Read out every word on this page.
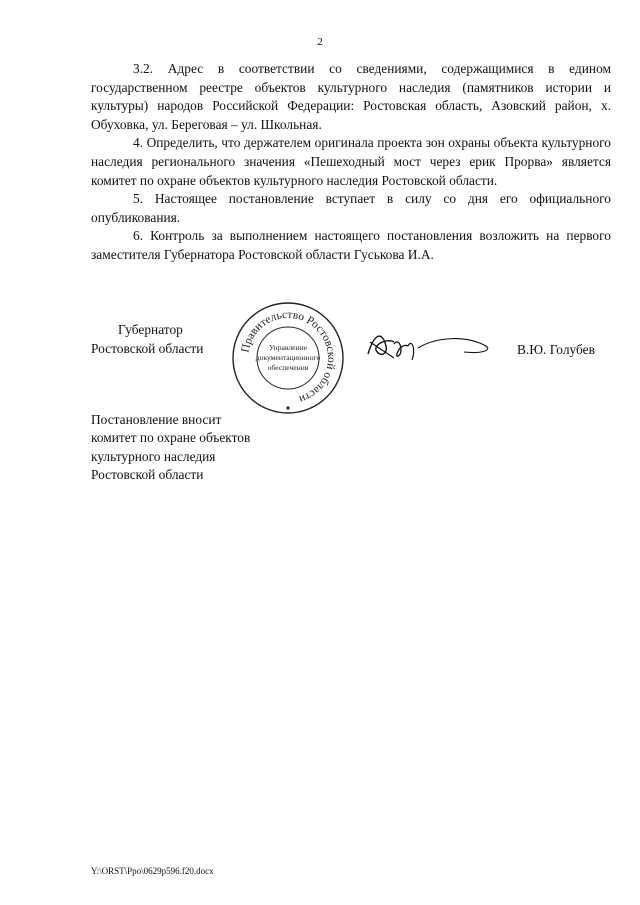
2

3.2. Адрес в соответствии со сведениями, содержащимися в едином государственном реестре объектов культурного наследия (памятников истории и культуры) народов Российской Федерации: Ростовская область, Азовский район, х. Обуховка, ул. Береговая – ул. Школьная.

4. Определить, что держателем оригинала проекта зон охраны объекта культурного наследия регионального значения «Пешеходный мост через ерик Прорва» является комитет по охране объектов культурного наследия Ростовской области.

5. Настоящее постановление вступает в силу со дня его официального опубликования.

6. Контроль за выполнением настоящего постановления возложить на первого заместителя Губернатора Ростовской области Гуськова И.А.

Губернатор
Ростовской области	Правительство Ростовской области
Управление
документационного
обеспечения
В.Ю. Голубев
Постановление вносит
комитет по охране объектов
культурного наследия
Ростовской области
Y:\ORST\Ppo\0629p596.f20.docx
